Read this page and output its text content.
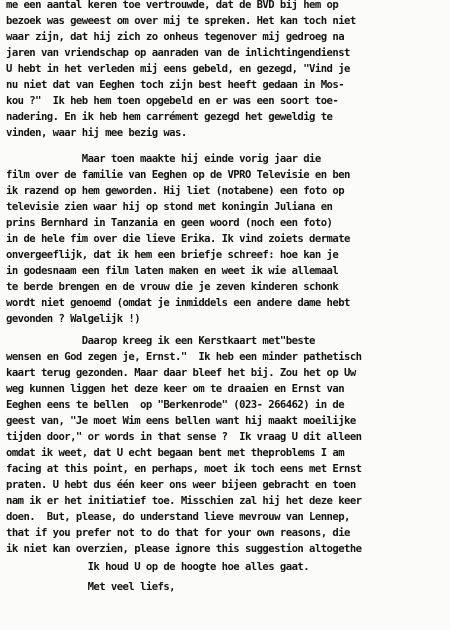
me een aantal keren toe vertrouwde, dat de BVD bij hem op
bezoek was geweest om over mij te spreken. Het kan toch niet
waar zijn, dat hij zich zo onheus tegenover mij gedroeg na
jaren van vriendschap op aanraden van de inlichtingendienst
U hebt in het verleden mij eens gebeld, en gezegd, "Vind je
nu niet dat van Eeghen toch zijn best heeft gedaan in Mos-
kou ?"  Ik heb hem toen opgebeld en er was een soort toe-
nadering. En ik heb hem carrément gezegd het geweldig te
vinden, waar hij mee bezig was.
Maar toen maakte hij einde vorig jaar die
film over de familie van Eeghen op de VPRO Televisie en ben
ik razend op hem geworden. Hij liet (notabene) een foto op
televisie zien waar hij op stond met koningin Juliana en
prins Bernhard in Tanzania en geen woord (noch een foto)
in de hele fim over die lieve Erika. Ik vind zoiets dermate
onvergeeflijk, dat ik hem een briefje schreef: hoe kan je
in godesnaam een film laten maken en weet ik wie allemaal
te berde brengen en de vrouw die je zeven kinderen schonk
wordt niet genoemd (omdat je inmiddels een andere dame hebt
gevonden ? Walgelijk !)
Daarop kreeg ik een Kerstkaart met"beste
wensen en God zegen je, Ernst."  Ik heb een minder pathetisch
kaart terug gezonden. Maar daar bleef het bij. Zou het op Uw
weg kunnen liggen het deze keer om te draaien en Ernst van
Eeghen eens te bellen  op "Berkenrode" (023- 266462) in de
geest van, "Je moet Wim eens bellen want hij maakt moeilijke
tijden door," or words in that sense ?  Ik vraag U dit alleen
omdat ik weet, dat U echt begaan bent met theproblems I am
facing at this point, en perhaps, moet ik toch eens met Ernst
praten. U hebt dus één keer ons weer bijeen gebracht en toen
nam ik er het initiatief toe. Misschien zal hij het deze keer
doen.  But, please, do understand lieve mevrouw van Lennep,
that if you prefer not to do that for your own reasons, die
ik niet kan overzien, please ignore this suggestion altogethe
Ik houd U op de hoogte hoe alles gaat.
Met veel liefs,
